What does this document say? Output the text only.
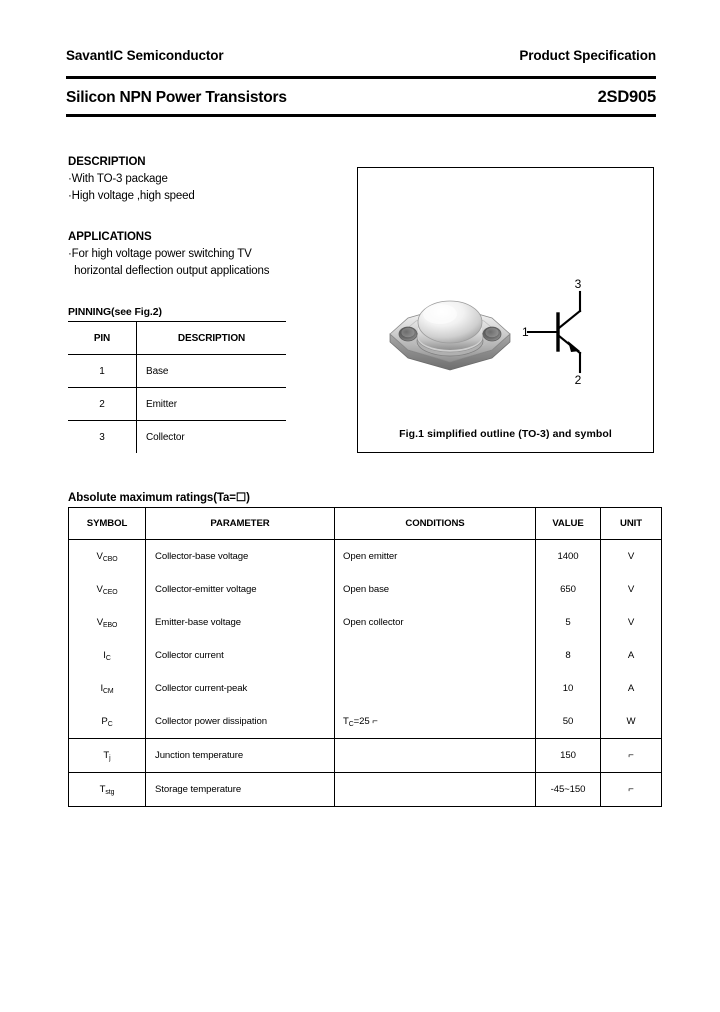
SavantIC Semiconductor	Product Specification
Silicon NPN Power Transistors	2SD905
DESCRIPTION
·With TO-3 package
·High voltage ,high speed
APPLICATIONS
·For high voltage power switching TV
horizontal deflection output applications
PINNING(see Fig.2)
PIN	DESCRIPTION
1	Base
2	Emitter
3	Collector
3
2
1
Fig.1 simplified outline (TO-3) and symbol
Absolute maximum ratings(Ta=☐)
SYMBOL	PARAMETER	CONDITIONS	VALUE	UNIT
$V_{CBO}$	Collector-base voltage	Open emitter	1400	V
$V_{CEO}$	Collector-emitter voltage	Open base	650	V
$V_{EBO}$	Emitter-base voltage	Open collector	5	V
$I_C$	Collector current		8	A
$I_{CM}$	Collector current-peak		10	A
$P_C$	Collector power dissipation	$T_C=25$ ⌐	50	W
$T_j$	Junction temperature		150	⌐
$T_{stg}$	Storage temperature		-45~150	⌐
